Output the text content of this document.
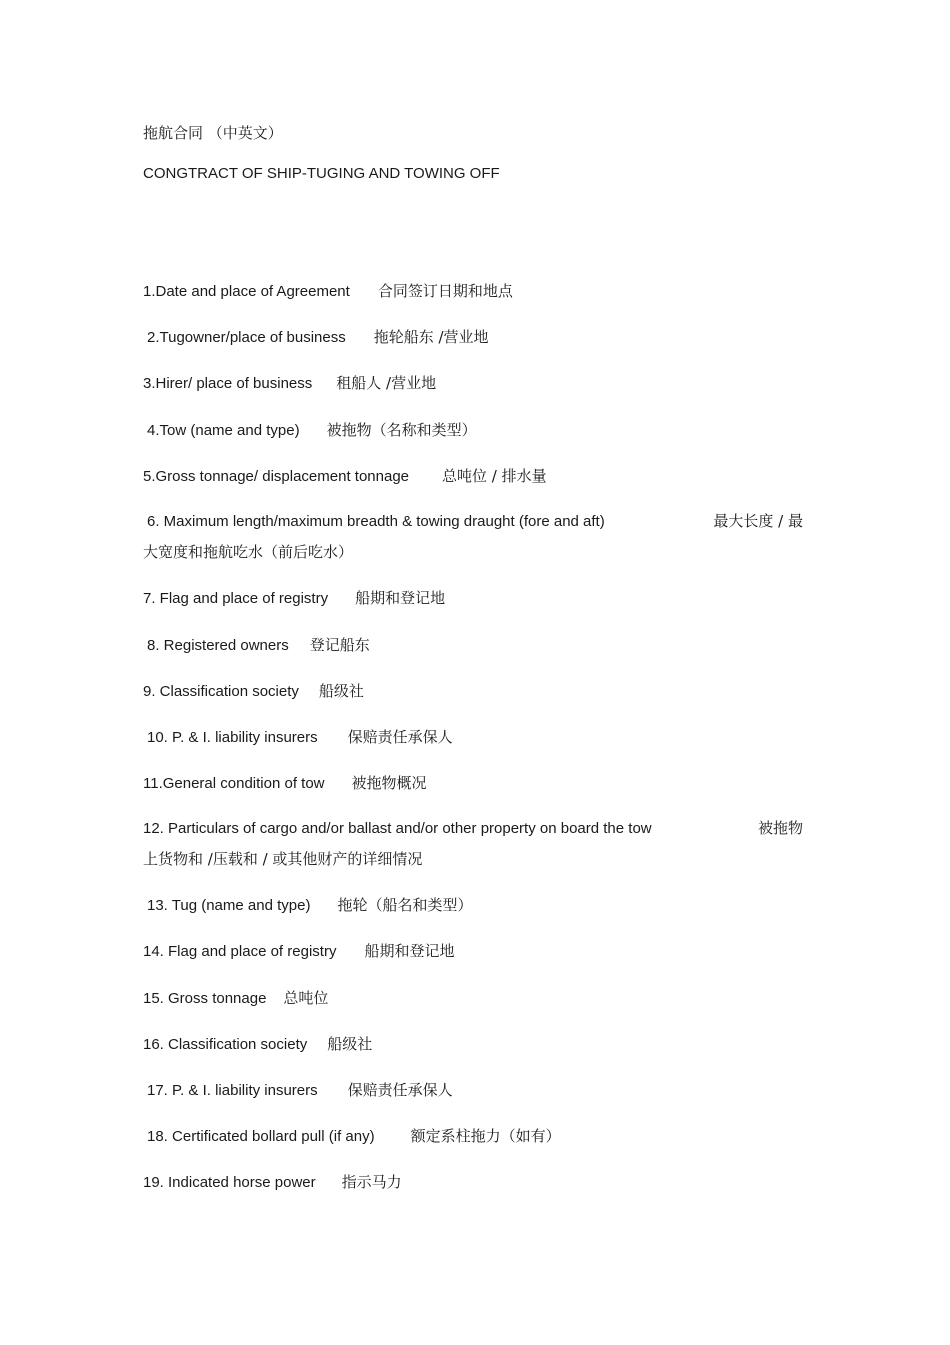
拖航合同 （中英文）
CONGTRACT OF SHIP-TUGING AND TOWING OFF
1.Date and place of Agreement 合同签订日期和地点
2.Tugowner/place of business 拖轮船东 /营业地
3.Hirer/ place of business 租船人 /营业地
4.Tow (name and type) 被拖物（名称和类型）
5.Gross tonnage/ displacement tonnage 总吨位 / 排水量
6. Maximum length/maximum breadth & towing draught (fore and aft)	最大长度 / 最
大宽度和拖航吃水（前后吃水）
7. Flag and place of registry 船期和登记地
8. Registered owners 登记船东
9. Classification society 船级社
10. P. & I. liability insurers 保赔责任承保人
11.General condition of tow 被拖物概况
12. Particulars of cargo and/or ballast and/or other property on board the tow	被拖物
上货物和 /压载和 / 或其他财产的详细情况
13. Tug (name and type) 拖轮（船名和类型）
14. Flag and place of registry 船期和登记地
15. Gross tonnage 总吨位
16. Classification society 船级社
17. P. & I. liability insurers 保赔责任承保人
18. Certificated bollard pull (if any) 额定系柱拖力（如有）
19. Indicated horse power 指示马力
